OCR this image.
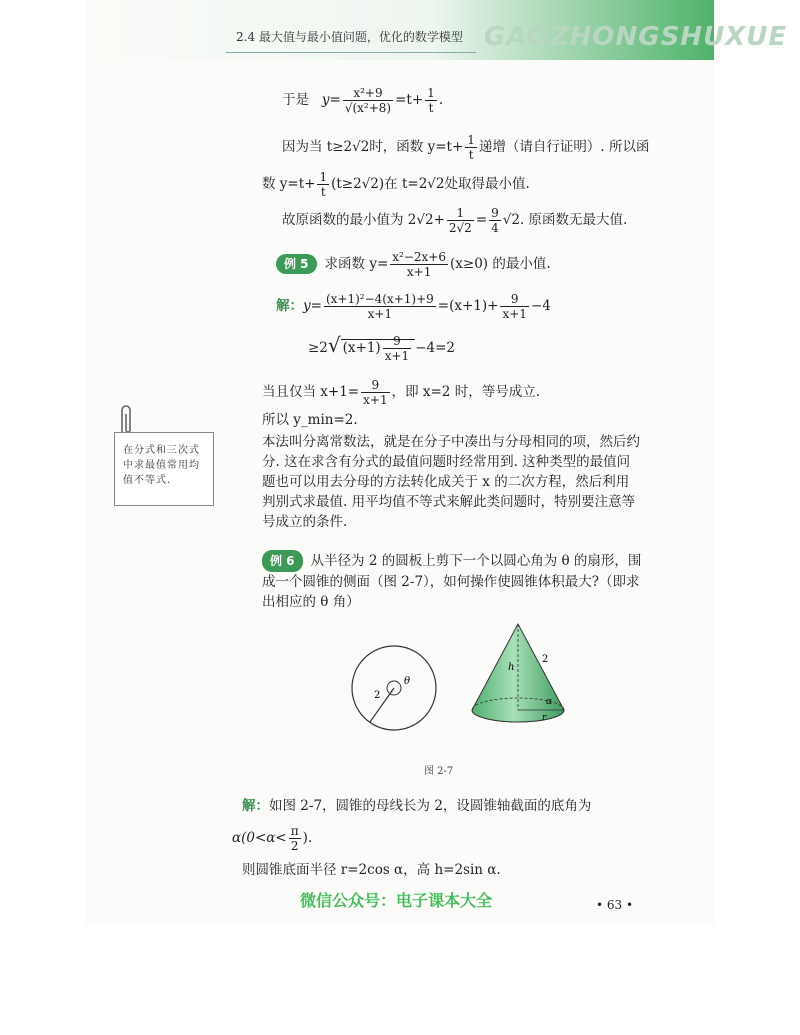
GAOZHONGSHUXUE
2.4 最大值与最小值问题，优化的数学模型
于是 $y= \frac{\text{x²+9}}{\text{√(x²+8)}} =t+ \frac{1}{t}$ .
因为当 t≥2√2时，函数 $y=t+ \frac{1}{t}$ 递增（请自行证明）. 所以函
数 $y=t+ \frac{1}{t} (t\ge 2√2)$在 t=2√2处取得最小值.
故原函数的最小值为 $2√2+ \frac{1}{2√2} = \frac{9}{4} √2$. 原函数无最大值.
例 5 求函数 $y= \frac{\text{x²−2x+6}}{x+1} (x\ge 0)$ 的最小值.
解：$y= \frac{\text{(x+1)²−4(x+1)+9}}{x+1} =(x+1)+ \frac{9}{x+1} -4$
≥2√ $(x+1) \frac{9}{x+1} -4=2$
当且仅当 $x+1= \frac{9}{x+1}$ ，即 x=2 时，等号成立.
所以 y_min=2.
在分式和三次式中求最值常用均值不等式.
本法叫分离常数法，就是在分子中凑出与分母相同的项，然后约分. 这在求含有分式的最值问题时经常用到. 这种类型的最值问题也可以用去分母的方法转化成关于 x 的二次方程，然后利用判别式求最值. 用平均值不等式来解此类问题时，特别要注意等号成立的条件.
例 6 从半径为 2 的圆板上剪下一个以圆心角为 θ 的扇形，围成一个圆锥的侧面（图 2-7），如何操作使圆锥体积最大?（即求出相应的 θ 角）
2
θ
2
h
α
r
图 2-7
解：如图 2-7，圆锥的母线长为 2，设圆锥轴截面的底角为
$\alpha(0<\alpha< \frac{\pi}{2}$ ).
则圆锥底面半径 r=2cos α，高 h=2sin α.
微信公众号：电子课本大全	• 63 •
